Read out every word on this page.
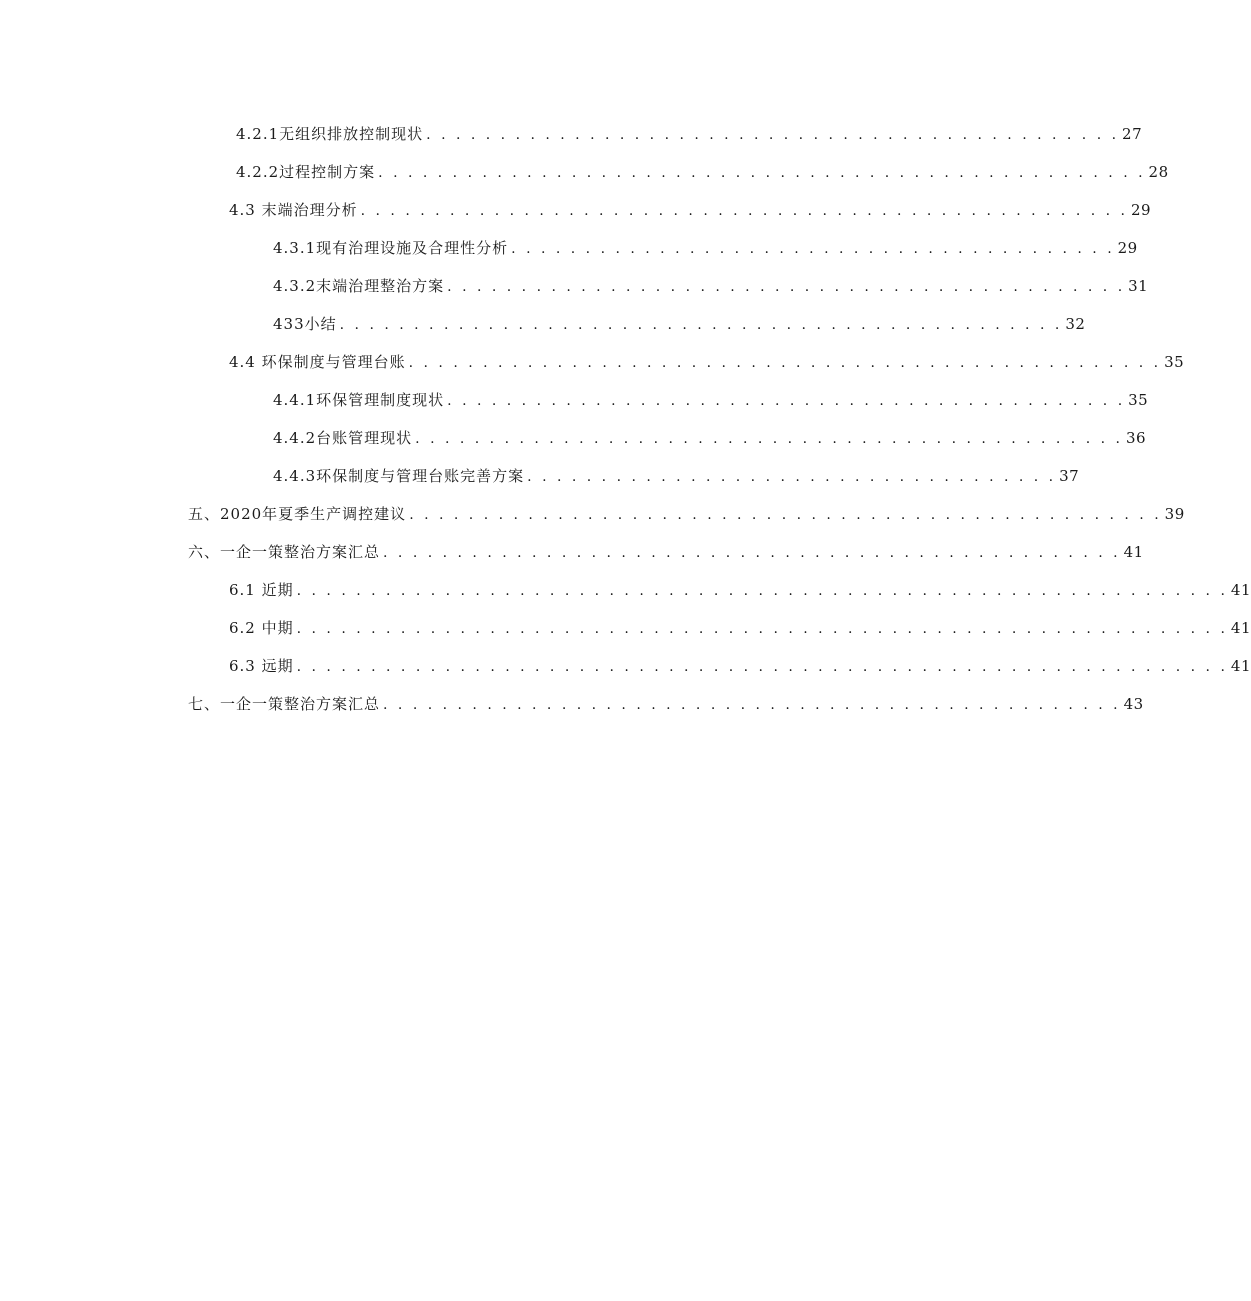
4.2.1无组织排放控制现状 . . . . . . . . . . . . . . . . . . . . . . . . . . . . . . . . . . . . . . . . . . . . . . . 27
4.2.2过程控制方案 . . . . . . . . . . . . . . . . . . . . . . . . . . . . . . . . . . . . . . . . . . . . . . . . . . . . 28
4.3 末端治理分析 . . . . . . . . . . . . . . . . . . . . . . . . . . . . . . . . . . . . . . . . . . . . . . . . . . . . 29
4.3.1现有治理设施及合理性分析 . . . . . . . . . . . . . . . . . . . . . . . . . . . . . . . . . . . . . . . . . 29
4.3.2末端治理整治方案 . . . . . . . . . . . . . . . . . . . . . . . . . . . . . . . . . . . . . . . . . . . . . . 31
433小结 . . . . . . . . . . . . . . . . . . . . . . . . . . . . . . . . . . . . . . . . . . . . . . . . . 32
4.4 环保制度与管理台账 . . . . . . . . . . . . . . . . . . . . . . . . . . . . . . . . . . . . . . . . . . . . . . . . . . . 35
4.4.1环保管理制度现状 . . . . . . . . . . . . . . . . . . . . . . . . . . . . . . . . . . . . . . . . . . . . . . 35
4.4.2台账管理现状 . . . . . . . . . . . . . . . . . . . . . . . . . . . . . . . . . . . . . . . . . . . . . . . . 36
4.4.3环保制度与管理台账完善方案 . . . . . . . . . . . . . . . . . . . . . . . . . . . . . . . . . . . . 37
五、2020年夏季生产调控建议 . . . . . . . . . . . . . . . . . . . . . . . . . . . . . . . . . . . . . . . . . . . . . . . . . . . 39
六、一企一策整治方案汇总 . . . . . . . . . . . . . . . . . . . . . . . . . . . . . . . . . . . . . . . . . . . . . . . . . . 41
6.1 近期 . . . . . . . . . . . . . . . . . . . . . . . . . . . . . . . . . . . . . . . . . . . . . . . . . . . . . . . . . . . . . . . 41
6.2 中期 . . . . . . . . . . . . . . . . . . . . . . . . . . . . . . . . . . . . . . . . . . . . . . . . . . . . . . . . . . . . . . . 41
6.3 远期 . . . . . . . . . . . . . . . . . . . . . . . . . . . . . . . . . . . . . . . . . . . . . . . . . . . . . . . . . . . . . . . 41
七、一企一策整治方案汇总 . . . . . . . . . . . . . . . . . . . . . . . . . . . . . . . . . . . . . . . . . . . . . . . . . . 43
